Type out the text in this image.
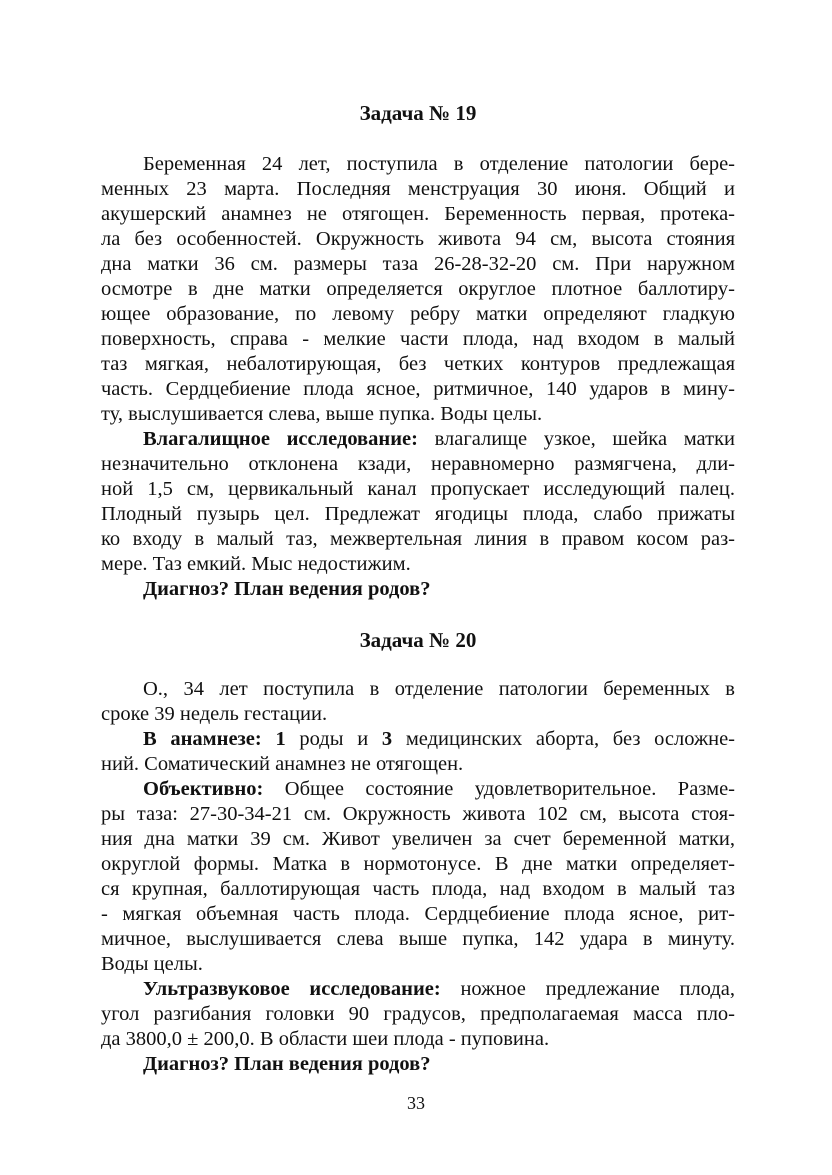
Задача № 19

Беременная 24 лет, поступила в отделение патологии бере-

менных 23 марта. Последняя менструация 30 июня. Общий и

акушерский анамнез не отягощен. Беременность первая, протека-

ла без особенностей. Окружность живота 94 см, высота стояния

дна матки 36 см. размеры таза 26-28-32-20 см. При наружном

осмотре в дне матки определяется округлое плотное баллотиру-

ющее образование, по левому ребру матки определяют гладкую

поверхность, справа - мелкие части плода, над входом в малый

таз мягкая, небалотирующая, без четких контуров предлежащая

часть. Сердцебиение плода ясное, ритмичное, 140 ударов в мину-

ту, выслушивается слева, выше пупка. Воды целы.

Влагалищное исследование: влагалище узкое, шейка матки

незначительно отклонена кзади, неравномерно размягчена, дли-

ной 1,5 см, цервикальный канал пропускает исследующий палец.

Плодный пузырь цел. Предлежат ягодицы плода, слабо прижаты

ко входу в малый таз, межвертельная линия в правом косом раз-

мере. Таз емкий. Мыс недостижим.

Диагноз? План ведения родов?

Задача № 20

О., 34 лет поступила в отделение патологии беременных в

сроке 39 недель гестации.

В анамнезе: 1 роды и 3 медицинских аборта, без осложне-

ний. Соматический анамнез не отягощен.

Объективно: Общее состояние удовлетворительное. Разме-

ры таза: 27-30-34-21 см. Окружность живота 102 см, высота стоя-

ния дна матки 39 см. Живот увеличен за счет беременной матки,

округлой формы. Матка в нормотонусе. В дне матки определяет-

ся крупная, баллотирующая часть плода, над входом в малый таз

- мягкая объемная часть плода. Сердцебиение плода ясное, рит-

мичное, выслушивается слева выше пупка, 142 удара в минуту.

Воды целы.

Ультразвуковое исследование: ножное предлежание плода,

угол разгибания головки 90 градусов, предполагаемая масса пло-

да 3800,0 ± 200,0. В области шеи плода - пуповина.

Диагноз? План ведения родов?

33
